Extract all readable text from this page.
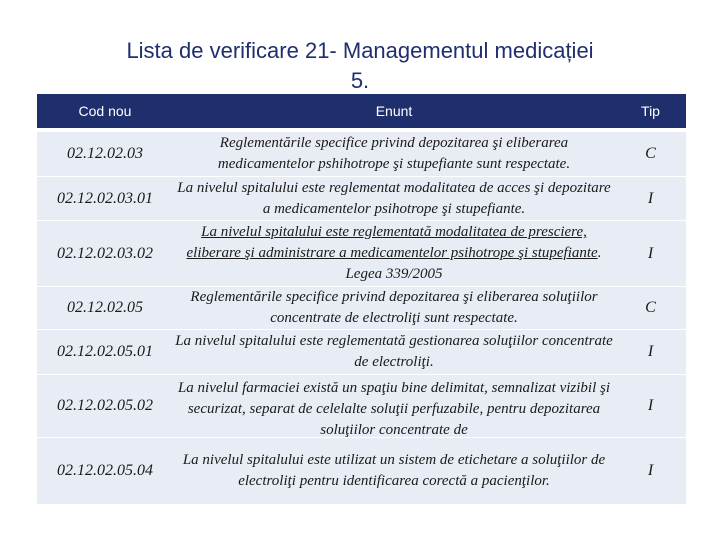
Lista de verificare 21- Managementul medicației
5.
Cod nou	Enunt	Tip
02.12.02.03
Reglementările specifice privind depozitarea şi eliberarea medicamentelor pshihotrope şi stupefiante sunt respectate.
C
02.12.02.03.01
La nivelul spitalului este reglementat modalitatea de acces şi depozitare a medicamentelor psihotrope şi stupefiante.
I
02.12.02.03.02
La nivelul spitalului este reglementată modalitatea de presciere, eliberare şi administrare a medicamentelor psihotrope şi stupefiante. Legea 339/2005
I
02.12.02.05
Reglementările specifice privind depozitarea şi eliberarea soluţiilor concentrate de electroliţi sunt respectate.
C
02.12.02.05.01
La nivelul spitalului este reglementată gestionarea soluţiilor concentrate de electroliţi.
I
02.12.02.05.02
La nivelul farmaciei există un spaţiu bine delimitat, semnalizat vizibil şi securizat, separat de celelalte soluţii perfuzabile, pentru depozitarea soluţiilor concentrate de
I
02.12.02.05.04
La nivelul spitalului este utilizat un sistem de etichetare a soluţiilor de electroliţi pentru identificarea corectă a pacienţilor.
I
